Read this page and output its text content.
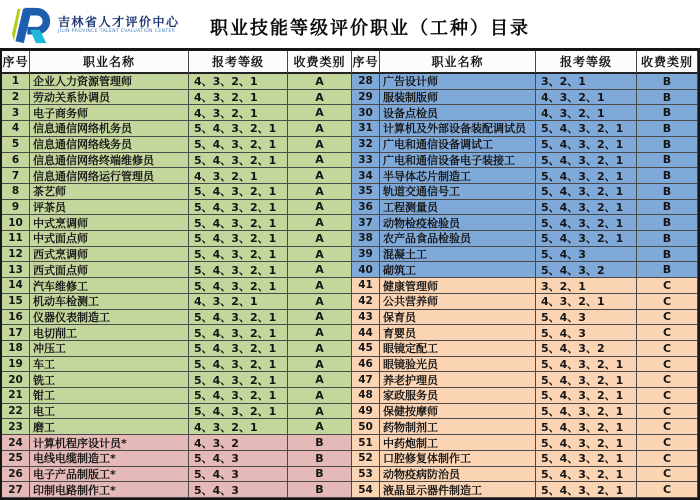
吉林省人才评价中心
JILIN PROVINCE TALENT EVALUATION CENTER	职业技能等级评价职业（工种）目录
序号	职业名称	报考等级	收费类别 序号	职业名称	报考等级	收费类别
1	企业人力资源管理师	4、3、2、1	A	28 广告设计师	3、2、1	B
2	劳动关系协调员	4、3、2、1	A	29 服装制版师	4、3、2、1	B
3	电子商务师	4、3、2、1	A	30 设备点检员	4、3、2、1	B
4	信息通信网络机务员	5、4、3、2、1	A	31 计算机及外部设备装配调试员	5、4、3、2、1	B
5	信息通信网络线务员	5、4、3、2、1	A	32 广电和通信设备调试工	5、4、3、2、1	B
6	信息通信网络终端维修员	5、4、3、2、1	A	33 广电和通信设备电子装接工	5、4、3、2、1	B
7	信息通信网络运行管理员	4、3、2、1	A	34 半导体芯片制造工	5、4、3、2、1	B
8	茶艺师	5、4、3、2、1	A	35 轨道交通信号工	5、4、3、2、1	B
9	评茶员	5、4、3、2、1	A	36 工程测量员	5、4、3、2、1	B
10 中式烹调师	5、4、3、2、1	A	37 动物检疫检验员	5、4、3、2、1	B
11 中式面点师	5、4、3、2、1	A	38 农产品食品检验员	5、4、3、2、1	B
12 西式烹调师	5、4、3、2、1	A	39 混凝土工	5、4、3	B
13 西式面点师	5、4、3、2、1	A	40 砌筑工	5、4、3、2	B
14 汽车维修工	5、4、3、2、1	A	41 健康管理师	3、2、1	C
15 机动车检测工	4、3、2、1	A	42 公共营养师	4、3、2、1	C
16 仪器仪表制造工	5、4、3、2、1	A	43 保育员	5、4、3	C
17 电切削工	5、4、3、2、1	A	44 育婴员	5、4、3	C
18 冲压工	5、4、3、2、1	A	45 眼镜定配工	5、4、3、2	C
19 车工	5、4、3、2、1	A	46 眼镜验光员	5、4、3、2、1	C
20 铣工	5、4、3、2、1	A	47 养老护理员	5、4、3、2、1	C
21 钳工	5、4、3、2、1	A	48 家政服务员	5、4、3、2、1	C
22 电工	5、4、3、2、1	A	49 保健按摩师	5、4、3、2、1	C
23 磨工	4、3、2、1	A	50 药物制剂工	5、4、3、2、1	C
24 计算机程序设计员*	4、3、2	B	51 中药炮制工	5、4、3、2、1	C
25 电线电缆制造工*	5、4、3	B	52 口腔修复体制作工	5、4、3、2、1	C
26 电子产品制版工*	5、4、3	B	53 动物疫病防治员	5、4、3、2、1	C
27 印制电路制作工*	5、4、3	B	54 液晶显示器件制造工	5、4、3、2、1	C
